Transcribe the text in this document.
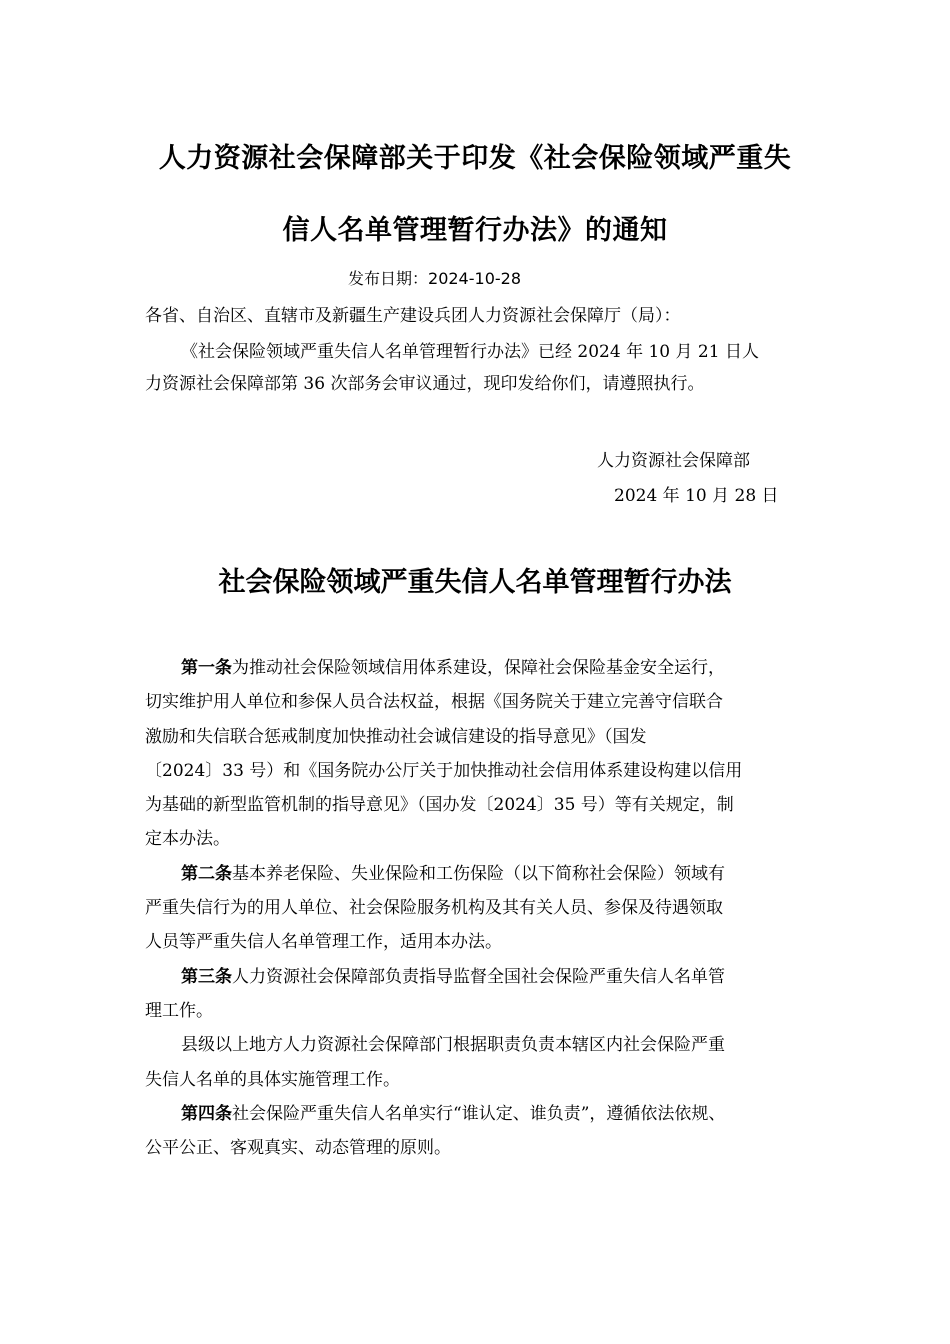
人力资源社会保障部关于印发《社会保险领域严重失
信人名单管理暂行办法》的通知
发布日期：2024-10-28
各省、自治区、直辖市及新疆生产建设兵团人力资源社会保障厅（局）：
《社会保险领域严重失信人名单管理暂行办法》已经 2024 年 10 月 21 日人
力资源社会保障部第 36 次部务会审议通过，现印发给你们，请遵照执行。
人力资源社会保障部
2024 年 10 月 28 日
社会保险领域严重失信人名单管理暂行办法
第一条为推动社会保险领域信用体系建设，保障社会保险基金安全运行，
切实维护用人单位和参保人员合法权益，根据《国务院关于建立完善守信联合
激励和失信联合惩戒制度加快推动社会诚信建设的指导意见》（国发
〔2024〕33 号）和《国务院办公厅关于加快推动社会信用体系建设构建以信用
为基础的新型监管机制的指导意见》（国办发〔2024〕35 号）等有关规定，制
定本办法。
第二条基本养老保险、失业保险和工伤保险（以下简称社会保险）领域有
严重失信行为的用人单位、社会保险服务机构及其有关人员、参保及待遇领取
人员等严重失信人名单管理工作，适用本办法。
第三条人力资源社会保障部负责指导监督全国社会保险严重失信人名单管
理工作。
县级以上地方人力资源社会保障部门根据职责负责本辖区内社会保险严重
失信人名单的具体实施管理工作。
第四条社会保险严重失信人名单实行“谁认定、谁负责”，遵循依法依规、
公平公正、客观真实、动态管理的原则。
